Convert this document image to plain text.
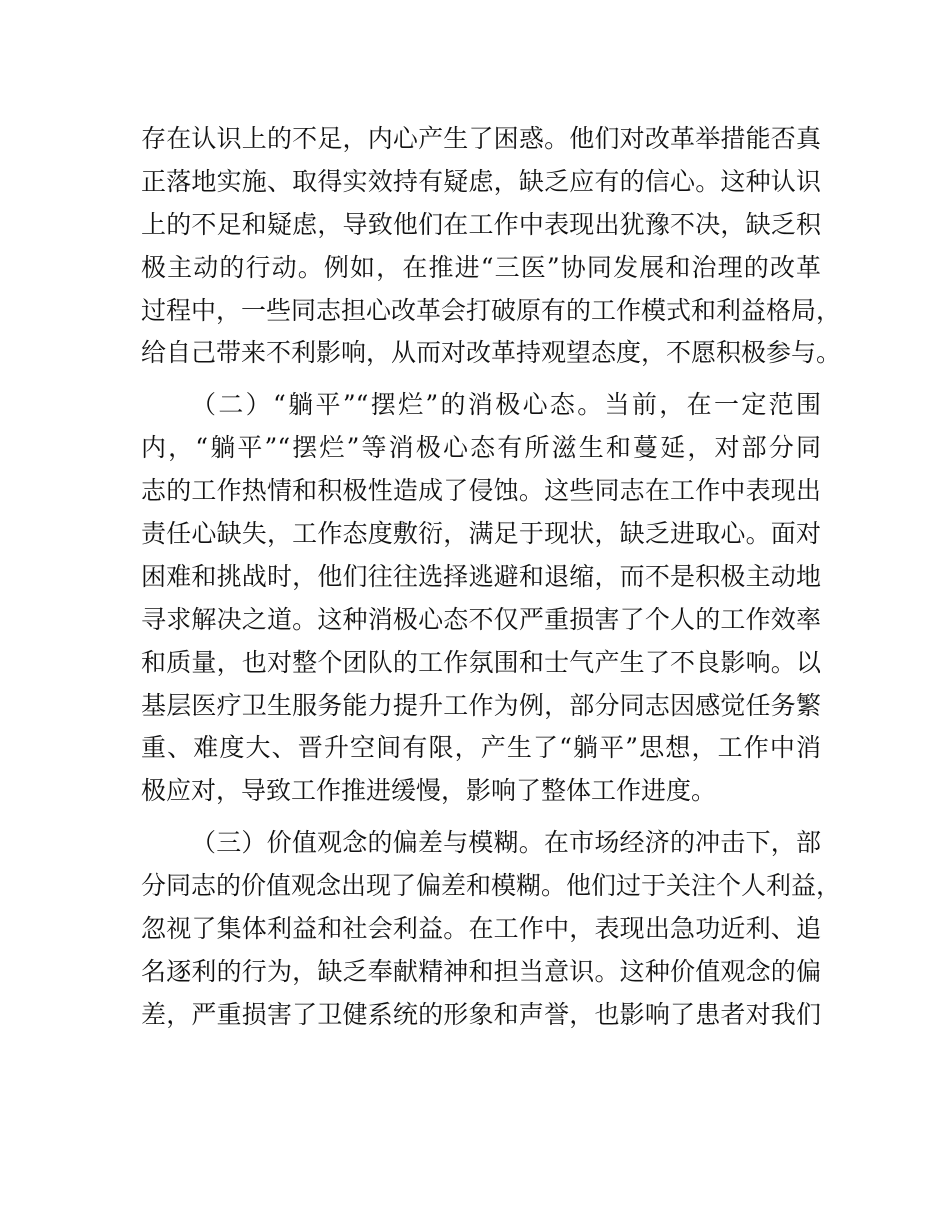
存在认识上的不足，内心产生了困惑。他们对改革举措能否真
正落地实施、取得实效持有疑虑，缺乏应有的信心。这种认识
上的不足和疑虑，导致他们在工作中表现出犹豫不决，缺乏积
极主动的行动。例如，在推进“三医”协同发展和治理的改革
过程中，一些同志担心改革会打破原有的工作模式和利益格局，
给自己带来不利影响，从而对改革持观望态度，不愿积极参与。
（二）“躺平”“摆烂”的消极心态。当前，在一定范围
内，“躺平”“摆烂”等消极心态有所滋生和蔓延，对部分同
志的工作热情和积极性造成了侵蚀。这些同志在工作中表现出
责任心缺失，工作态度敷衍，满足于现状，缺乏进取心。面对
困难和挑战时，他们往往选择逃避和退缩，而不是积极主动地
寻求解决之道。这种消极心态不仅严重损害了个人的工作效率
和质量，也对整个团队的工作氛围和士气产生了不良影响。以
基层医疗卫生服务能力提升工作为例，部分同志因感觉任务繁
重、难度大、晋升空间有限，产生了“躺平”思想，工作中消
极应对，导致工作推进缓慢，影响了整体工作进度。
（三）价值观念的偏差与模糊。在市场经济的冲击下，部
分同志的价值观念出现了偏差和模糊。他们过于关注个人利益，
忽视了集体利益和社会利益。在工作中，表现出急功近利、追
名逐利的行为，缺乏奉献精神和担当意识。这种价值观念的偏
差，严重损害了卫健系统的形象和声誉，也影响了患者对我们
